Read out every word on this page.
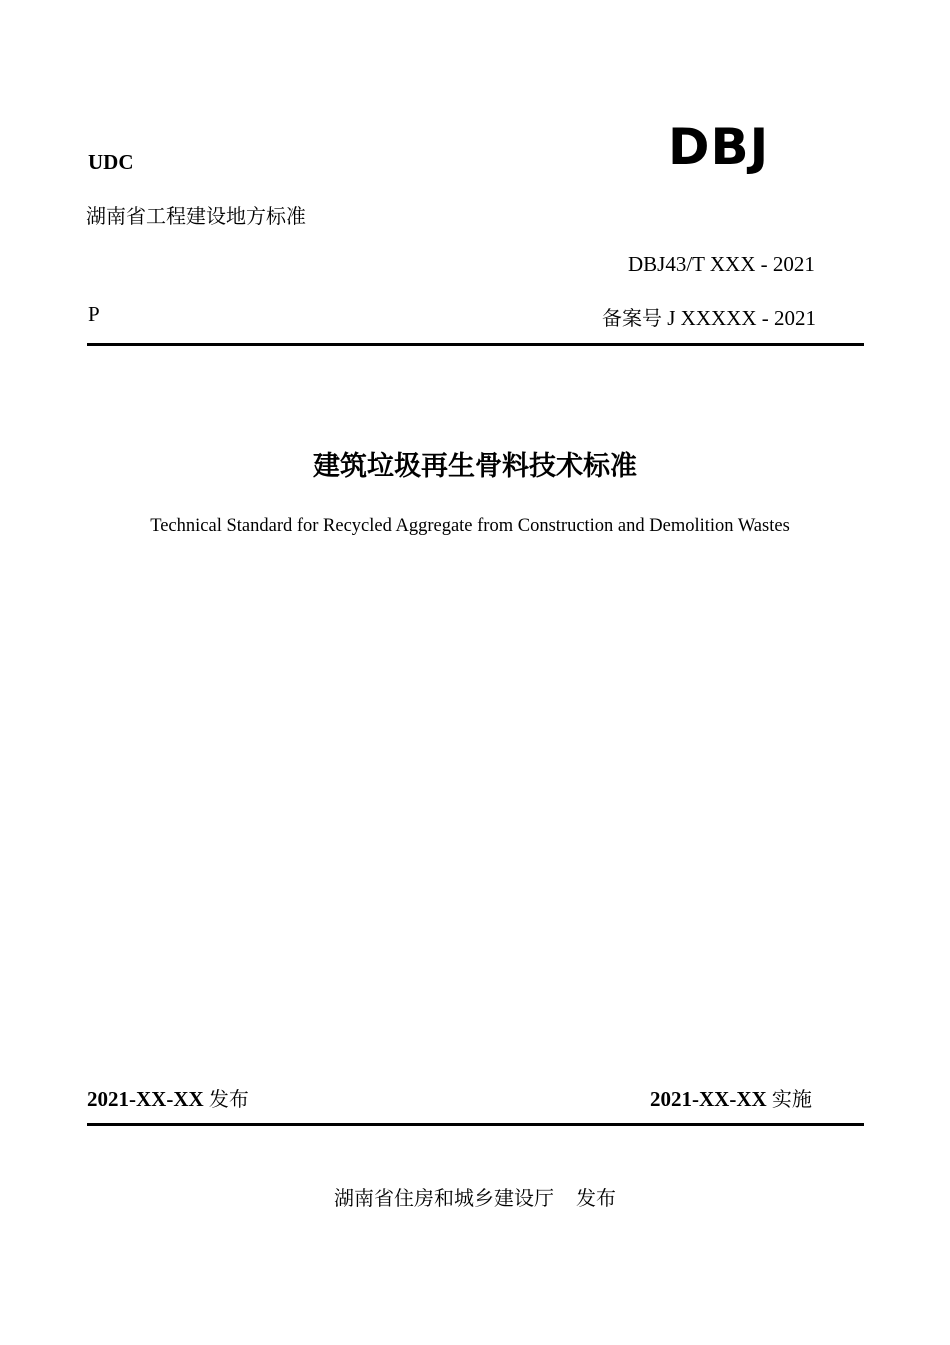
UDC	DBJ
湖南省工程建设地方标准
DBJ43/T XXX - 2021
P	备案号 J XXXXX - 2021
建筑垃圾再生骨料技术标准
Technical Standard for Recycled Aggregate from Construction and Demolition Wastes
2021-XX-XX 发布	2021-XX-XX 实施
湖南省住房和城乡建设厅 发布
